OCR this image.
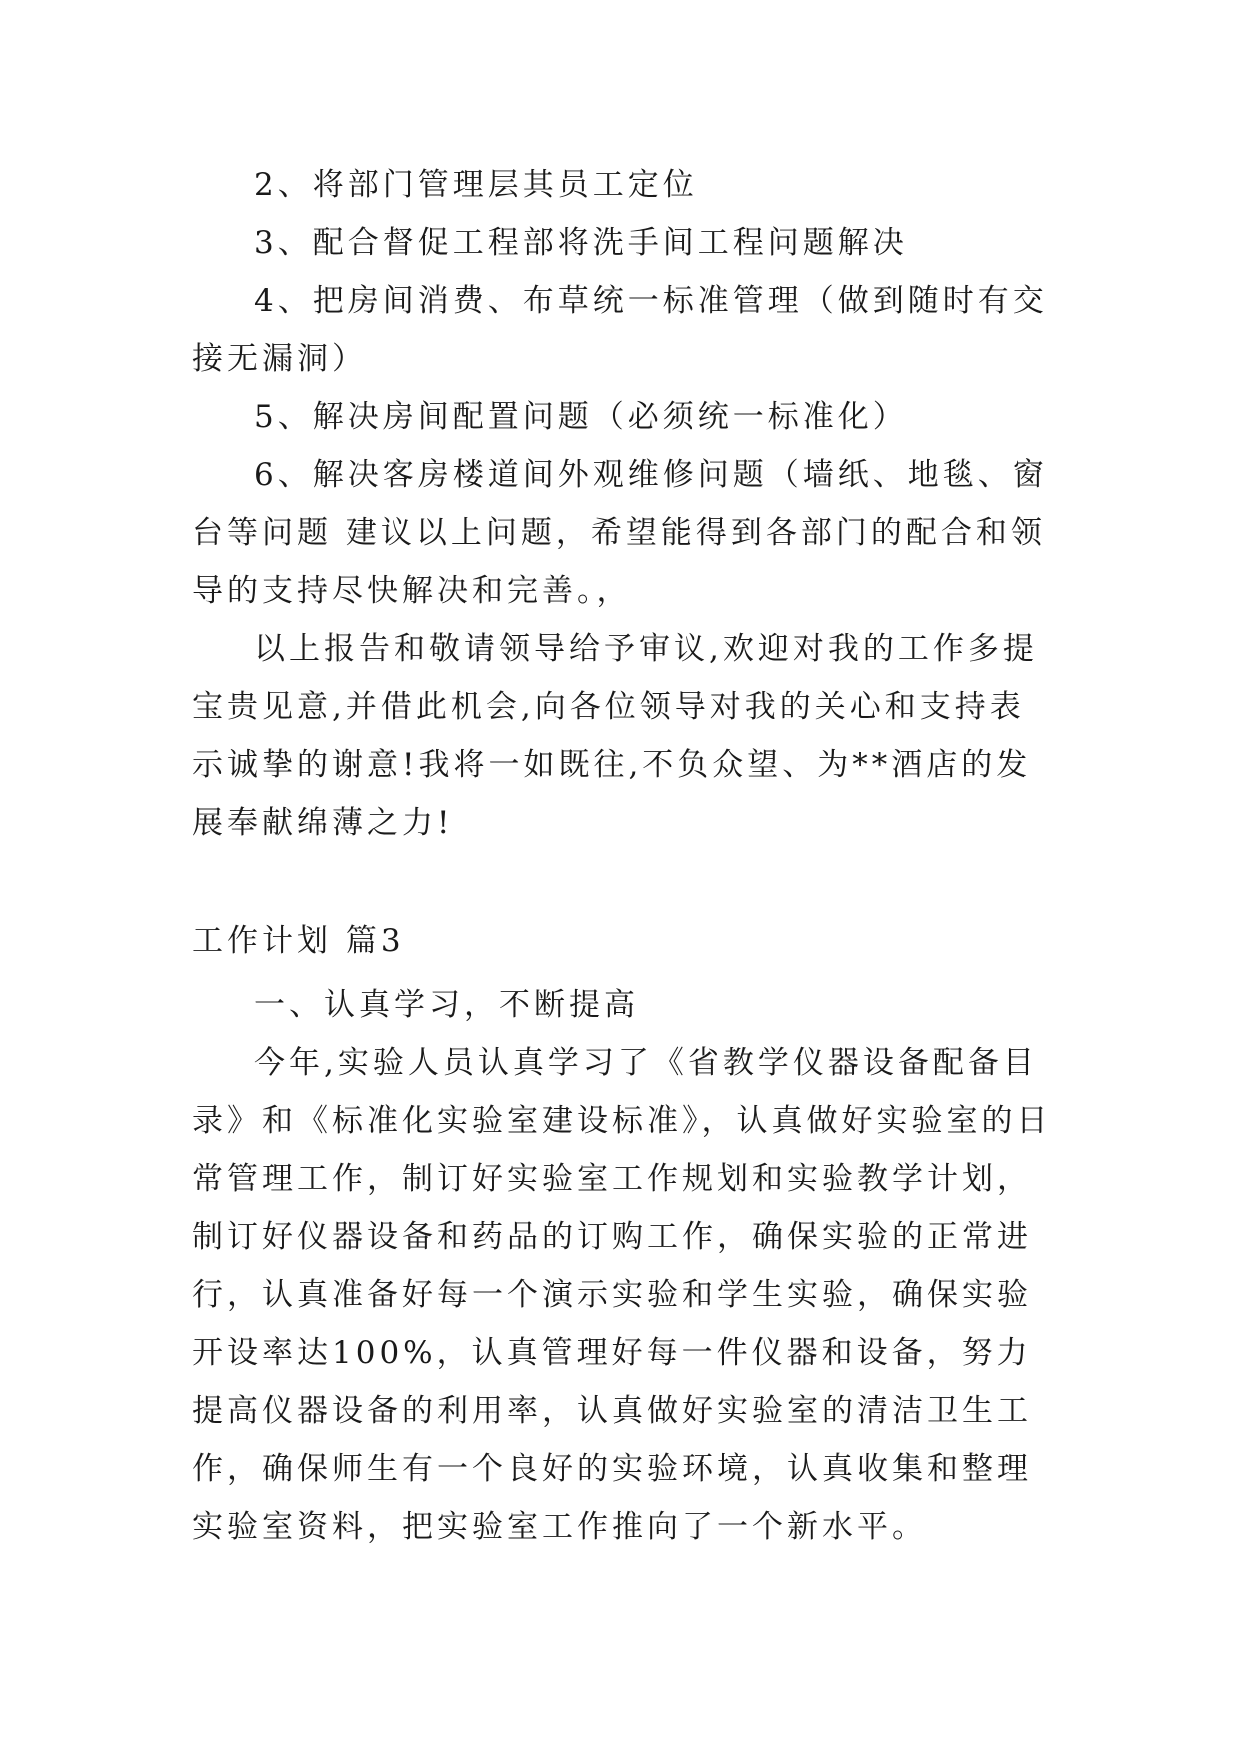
2、将部门管理层其员工定位

3、配合督促工程部将洗手间工程问题解决

4、把房间消费、布草统一标准管理（做到随时有交接无漏洞）

5、解决房间配置问题（必须统一标准化）

6、解决客房楼道间外观维修问题（墙纸、地毯、窗台等问题 建议以上问题，希望能得到各部门的配合和领导的支持尽快解决和完善。，

以上报告和敬请领导给予审议,欢迎对我的工作多提宝贵见意,并借此机会,向各位领导对我的关心和支持表示诚挚的谢意!我将一如既往,不负众望、为**酒店的发展奉献绵薄之力!

工作计划 篇3

一、认真学习，不断提高

今年,实验人员认真学习了《省教学仪器设备配备目录》和《标准化实验室建设标准》，认真做好实验室的日常管理工作，制订好实验室工作规划和实验教学计划，制订好仪器设备和药品的订购工作，确保实验的正常进行，认真准备好每一个演示实验和学生实验，确保实验开设率达100%，认真管理好每一件仪器和设备，努力提高仪器设备的利用率，认真做好实验室的清洁卫生工作，确保师生有一个良好的实验环境，认真收集和整理实验室资料，把实验室工作推向了一个新水平。
